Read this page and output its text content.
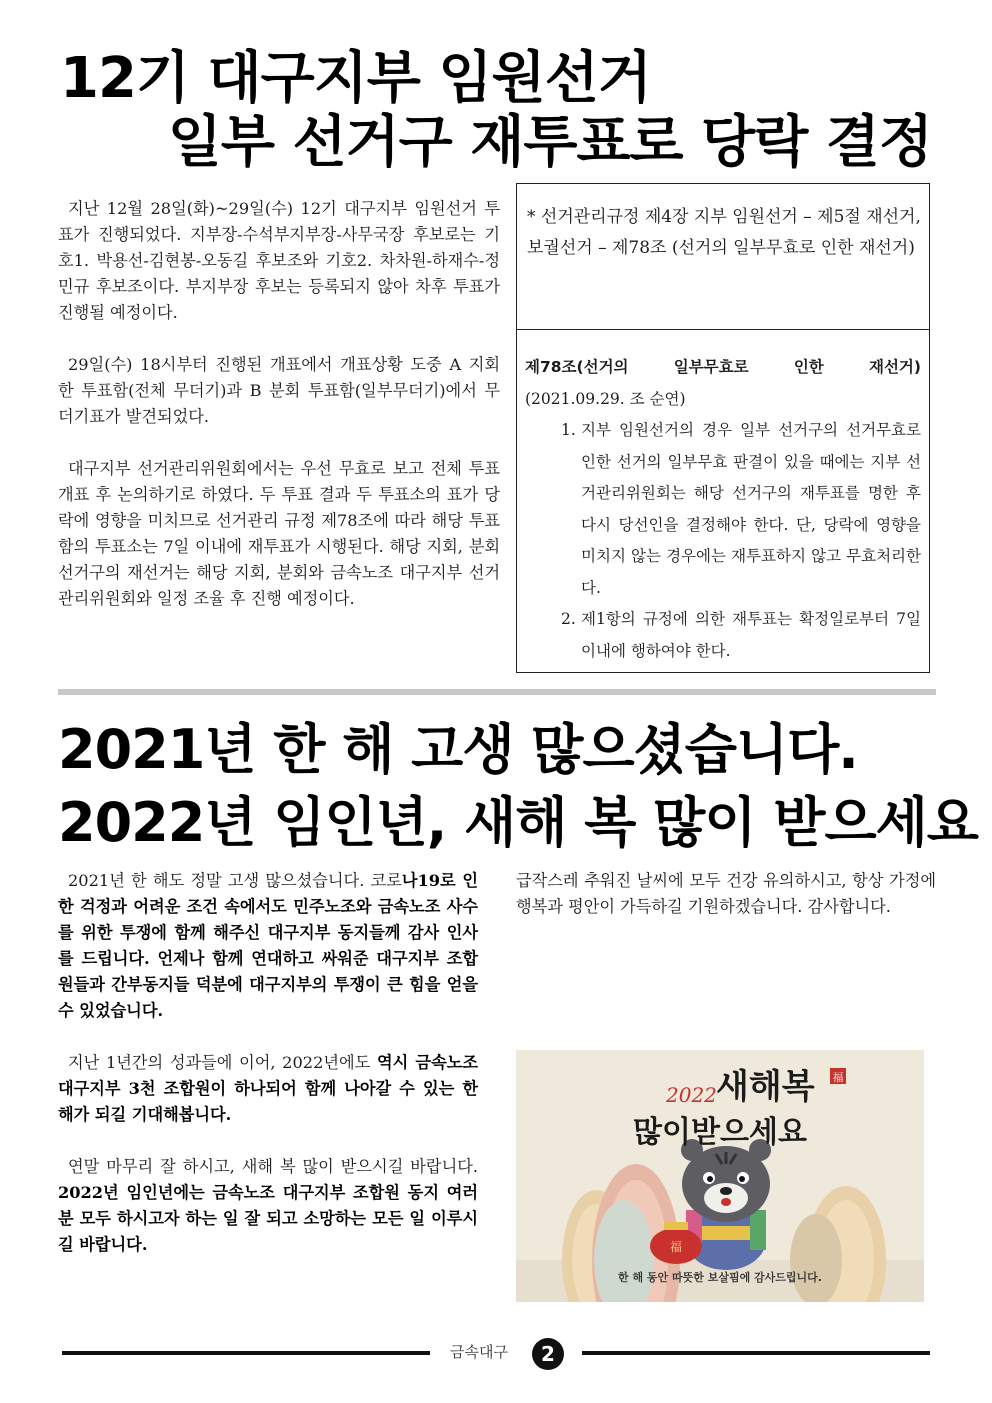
12기 대구지부 임원선거
일부 선거구 재투표로 당락 결정

지난 12월 28일(화)~29일(수) 12기 대구지부 임원선거 투표가 진행되었다. 지부장-수석부지부장-사무국장 후보로는 기호1. 박용선-김현봉-오동길 후보조와 기호2. 차차원-하재수-정민규 후보조이다. 부지부장 후보는 등록되지 않아 차후 투표가 진행될 예정이다.

29일(수) 18시부터 진행된 개표에서 개표상황 도중 A 지회 한 투표함(전체 무더기)과 B 분회 투표함(일부무더기)에서 무더기표가 발견되었다.

대구지부 선거관리위원회에서는 우선 무효로 보고 전체 투표 개표 후 논의하기로 하였다. 두 투표 결과 두 투표소의 표가 당락에 영향을 미치므로 선거관리 규정 제78조에 따라 해당 투표함의 투표소는 7일 이내에 재투표가 시행된다. 해당 지회, 분회 선거구의 재선거는 해당 지회, 분회와 금속노조 대구지부 선거관리위원회와 일정 조율 후 진행 예정이다.

* 선거관리규정 제4장 지부 임원선거 – 제5절 재선거, 보궐선거 – 제78조 (선거의 일부무효로 인한 재선거)
제78조(선거의	일부무효로	인한	재선거)
(2021.09.29. 조 순연)
1. 지부 임원선거의 경우 일부 선거구의 선거무효로 인한 선거의 일부무효 판결이 있을 때에는 지부 선거관리위원회는 해당 선거구의 재투표를 명한 후 다시 당선인을 결정해야 한다. 단, 당락에 영향을 미치지 않는 경우에는 재투표하지 않고 무효처리한다.
2. 제1항의 규정에 의한 재투표는 확정일로부터 7일 이내에 행하여야 한다.
2021년 한 해 고생 많으셨습니다.
2022년 임인년, 새해 복 많이 받으세요

2021년 한 해도 정말 고생 많으셨습니다. 코로나19로 인한 걱정과 어려운 조건 속에서도 민주노조와 금속노조 사수를 위한 투쟁에 함께 해주신 대구지부 동지들께 감사 인사를 드립니다. 언제나 함께 연대하고 싸워준 대구지부 조합원들과 간부동지들 덕분에 대구지부의 투쟁이 큰 힘을 얻을 수 있었습니다.

지난 1년간의 성과들에 이어, 2022년에도 역시 금속노조 대구지부 3천 조합원이 하나되어 함께 나아갈 수 있는 한 해가 되길 기대해봅니다.

연말 마무리 잘 하시고, 새해 복 많이 받으시길 바랍니다. 2022년 임인년에는 금속노조 대구지부 조합원 동지 여러분 모두 하시고자 하는 일 잘 되고 소망하는 모든 일 이루시길 바랍니다.

급작스레 추워진 날씨에 모두 건강 유의하시고, 항상 가정에 행복과 평안이 가득하길 기원하겠습니다. 감사합니다.

福
2022 새해복 福
많이받으세요
한 해 동안 따뜻한 보살핌에 감사드립니다.
금속대구 2
